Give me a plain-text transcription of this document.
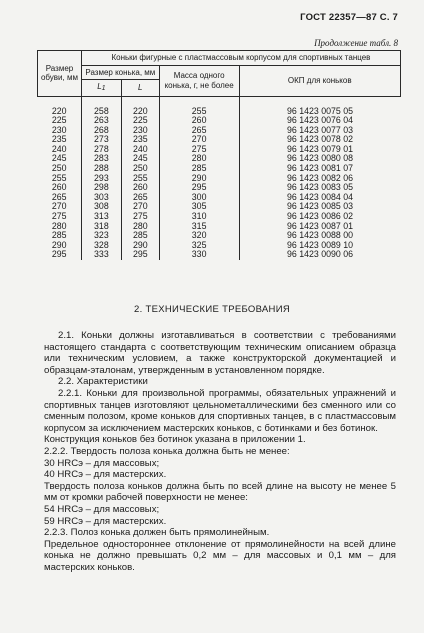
ГОСТ 22357—87 С. 7
Продолжение табл. 8
Размер обуви, мм	Коньки фигурные с пластмассовым корпусом для спортивных танцев			
	Размер конька, мм		Масса одного конька, г, не более	ОКП для коньков
	L1	L		

220	258	220	255	96 1423 0075 05
225	263	225	260	96 1423 0076 04
230	268	230	265	96 1423 0077 03
235	273	235	270	96 1423 0078 02
240	278	240	275	96 1423 0079 01
245	283	245	280	96 1423 0080 08
250	288	250	285	96 1423 0081 07
255	293	255	290	96 1423 0082 06
260	298	260	295	96 1423 0083 05
265	303	265	300	96 1423 0084 04
270	308	270	305	96 1423 0085 03
275	313	275	310	96 1423 0086 02
280	318	280	315	96 1423 0087 01
285	323	285	320	96 1423 0088 00
290	328	290	325	96 1423 0089 10
295	333	295	330	96 1423 0090 06
2. ТЕХНИЧЕСКИЕ ТРЕБОВАНИЯ

2.1. Коньки должны изготавливаться в соответствии с требованиями настоящего стандарта с соответствующим техническим описанием образца или техническим условием, а также конструкторской документацией и образцам-эталонам, утвержденным в установленном порядке.

2.2. Характеристики

2.2.1. Коньки для произвольной программы, обязательных упражнений и спортивных танцев изготовляют цельнометаллическими без сменного или со сменным полозом, кроме коньков для спортивных танцев, в с пластмассовым корпусом за исключением мастерских коньков, с ботинками и без ботинок.

Конструкция коньков без ботинок указана в приложении 1.

2.2.2. Твердость полоза конька должна быть не менее:

30 HRCэ – для массовых;

40 HRCэ – для мастерских.

Твердость полоза коньков должна быть по всей длине на высоту не менее 5 мм от кромки рабочей поверхности не менее:

54 HRCэ – для массовых;

59 HRCэ – для мастерских.

2.2.3. Полоз конька должен быть прямолинейным.

Предельное одностороннее отклонение от прямолинейности на всей длине конька не должно превышать 0,2 мм – для массовых и 0,1 мм – для мастерских коньков.
